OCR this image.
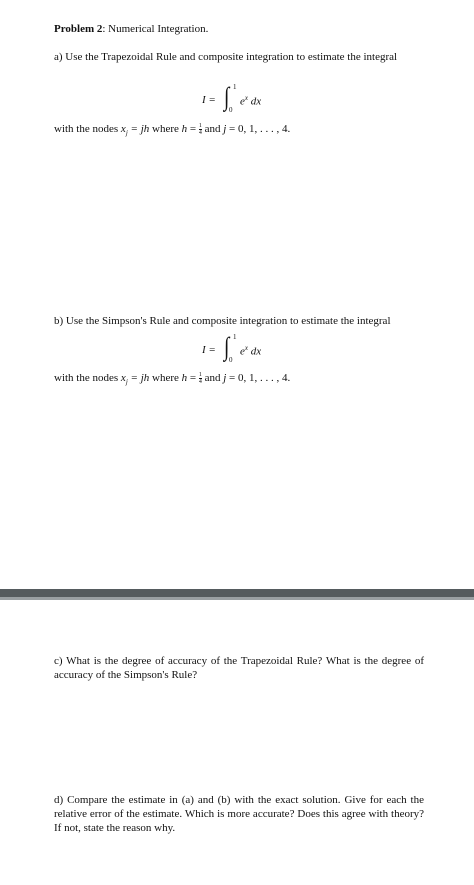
Problem 2: Numerical Integration.
a) Use the Trapezoidal Rule and composite integration to estimate the integral
I = ∫ 1
0
$e^x$ dx
with the nodes $x_j$ = jh where $h = \frac{1}{4}$ and j = 0, 1, . . . , 4.
b) Use the Simpson's Rule and composite integration to estimate the integral
I = ∫ 1
0
$e^x$ dx
with the nodes $x_j$ = jh where $h = \frac{1}{4}$ and j = 0, 1, . . . , 4.
c) What is the degree of accuracy of the Trapezoidal Rule? What is the degree of accuracy of the Simpson's Rule?
d) Compare the estimate in (a) and (b) with the exact solution. Give for each the relative error of the estimate. Which is more accurate? Does this agree with theory? If not, state the reason why.
